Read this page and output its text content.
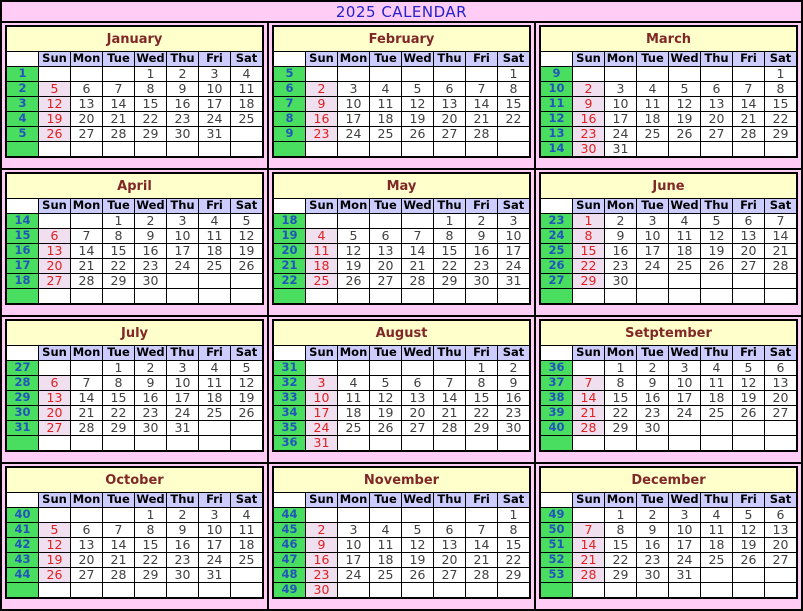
2025 CALENDAR
January							
	Sun	Mon	Tue	Wed	Thu	Fri	Sat
1				1	2	3	4
2	5	6	7	8	9	10	11
3	12	13	14	15	16	17	18
4	19	20	21	22	23	24	25
5	26	27	28	29	30	31	

February							
	Sun	Mon	Tue	Wed	Thu	Fri	Sat
5							1
6	2	3	4	5	6	7	8
7	9	10	11	12	13	14	15
8	16	17	18	19	20	21	22
9	23	24	25	26	27	28	

March							
	Sun	Mon	Tue	Wed	Thu	Fri	Sat
9							1
10	2	3	4	5	6	7	8
11	9	10	11	12	13	14	15
12	16	17	18	19	20	21	22
13	23	24	25	26	27	28	29
14	30	31					
April							
	Sun	Mon	Tue	Wed	Thu	Fri	Sat
14			1	2	3	4	5
15	6	7	8	9	10	11	12
16	13	14	15	16	17	18	19
17	20	21	22	23	24	25	26
18	27	28	29	30			

May							
	Sun	Mon	Tue	Wed	Thu	Fri	Sat
18					1	2	3
19	4	5	6	7	8	9	10
20	11	12	13	14	15	16	17
21	18	19	20	21	22	23	24
22	25	26	27	28	29	30	31

June							
	Sun	Mon	Tue	Wed	Thu	Fri	Sat
23	1	2	3	4	5	6	7
24	8	9	10	11	12	13	14
25	15	16	17	18	19	20	21
26	22	23	24	25	26	27	28
27	29	30					

July							
	Sun	Mon	Tue	Wed	Thu	Fri	Sat
27			1	2	3	4	5
28	6	7	8	9	10	11	12
29	13	14	15	16	17	18	19
30	20	21	22	23	24	25	26
31	27	28	29	30	31		

August							
	Sun	Mon	Tue	Wed	Thu	Fri	Sat
31						1	2
32	3	4	5	6	7	8	9
33	10	11	12	13	14	15	16
34	17	18	19	20	21	22	23
35	24	25	26	27	28	29	30
36	31						
Setptember							
	Sun	Mon	Tue	Wed	Thu	Fri	Sat
36		1	2	3	4	5	6
37	7	8	9	10	11	12	13
38	14	15	16	17	18	19	20
39	21	22	23	24	25	26	27
40	28	29	30				

October							
	Sun	Mon	Tue	Wed	Thu	Fri	Sat
40				1	2	3	4
41	5	6	7	8	9	10	11
42	12	13	14	15	16	17	18
43	19	20	21	22	23	24	25
44	26	27	28	29	30	31	

November							
	Sun	Mon	Tue	Wed	Thu	Fri	Sat
44							1
45	2	3	4	5	6	7	8
46	9	10	11	12	13	14	15
47	16	17	18	19	20	21	22
48	23	24	25	26	27	28	29
49	30						
December							
	Sun	Mon	Tue	Wed	Thu	Fri	Sat
49		1	2	3	4	5	6
50	7	8	9	10	11	12	13
51	14	15	16	17	18	19	20
52	21	22	23	24	25	26	27
53	28	29	30	31			
